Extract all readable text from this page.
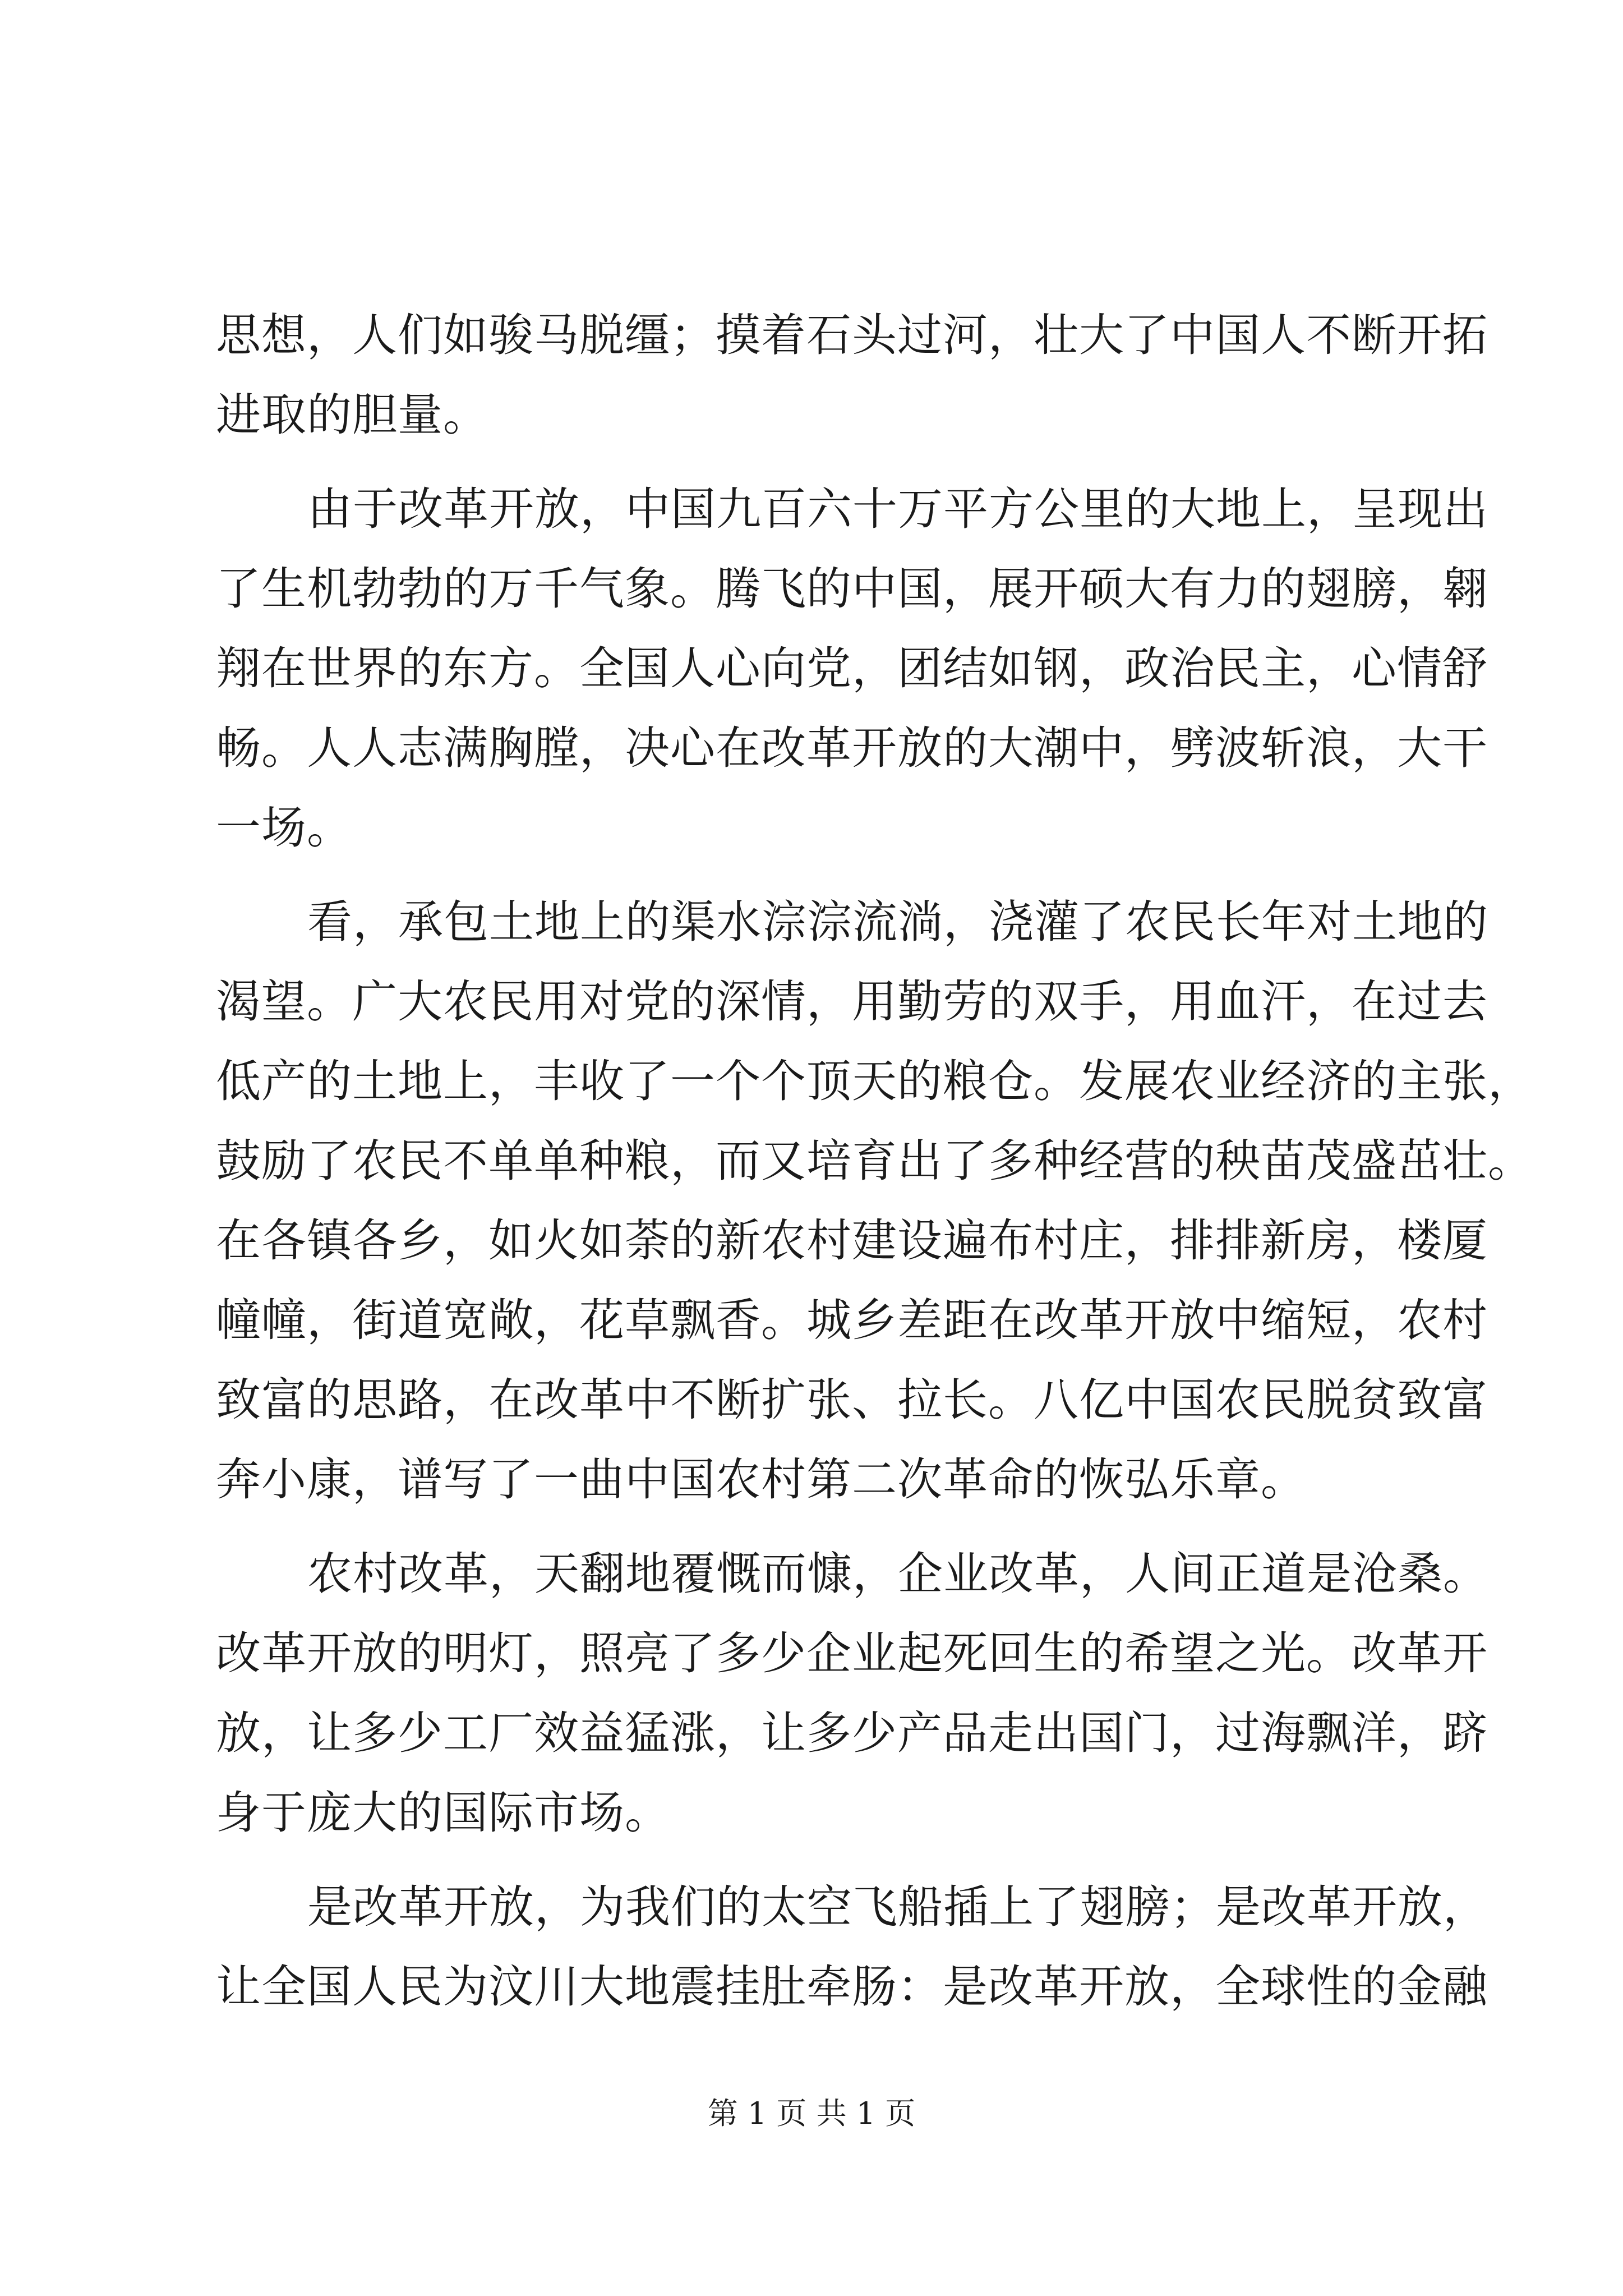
思想，人们如骏马脱缰；摸着石头过河，壮大了中国人不断开拓
进取的胆量。
由于改革开放，中国九百六十万平方公里的大地上，呈现出
了生机勃勃的万千气象。腾飞的中国，展开硕大有力的翅膀，翱
翔在世界的东方。全国人心向党，团结如钢，政治民主，心情舒
畅。人人志满胸膛，决心在改革开放的大潮中，劈波斩浪，大干
一场。
看，承包土地上的渠水淙淙流淌，浇灌了农民长年对土地的
渴望。广大农民用对党的深情，用勤劳的双手，用血汗，在过去
低产的土地上，丰收了一个个顶天的粮仓。发展农业经济的主张，
鼓励了农民不单单种粮，而又培育出了多种经营的秧苗茂盛茁壮。
在各镇各乡，如火如荼的新农村建设遍布村庄，排排新房，楼厦
幢幢，街道宽敞，花草飘香。城乡差距在改革开放中缩短，农村
致富的思路，在改革中不断扩张、拉长。八亿中国农民脱贫致富
奔小康，谱写了一曲中国农村第二次革命的恢弘乐章。
农村改革，天翻地覆慨而慷，企业改革，人间正道是沧桑。
改革开放的明灯，照亮了多少企业起死回生的希望之光。改革开
放，让多少工厂效益猛涨，让多少产品走出国门，过海飘洋，跻
身于庞大的国际市场。
是改革开放，为我们的太空飞船插上了翅膀；是改革开放，
让全国人民为汶川大地震挂肚牵肠：是改革开放，全球性的金融
第 1 页 共 1 页
